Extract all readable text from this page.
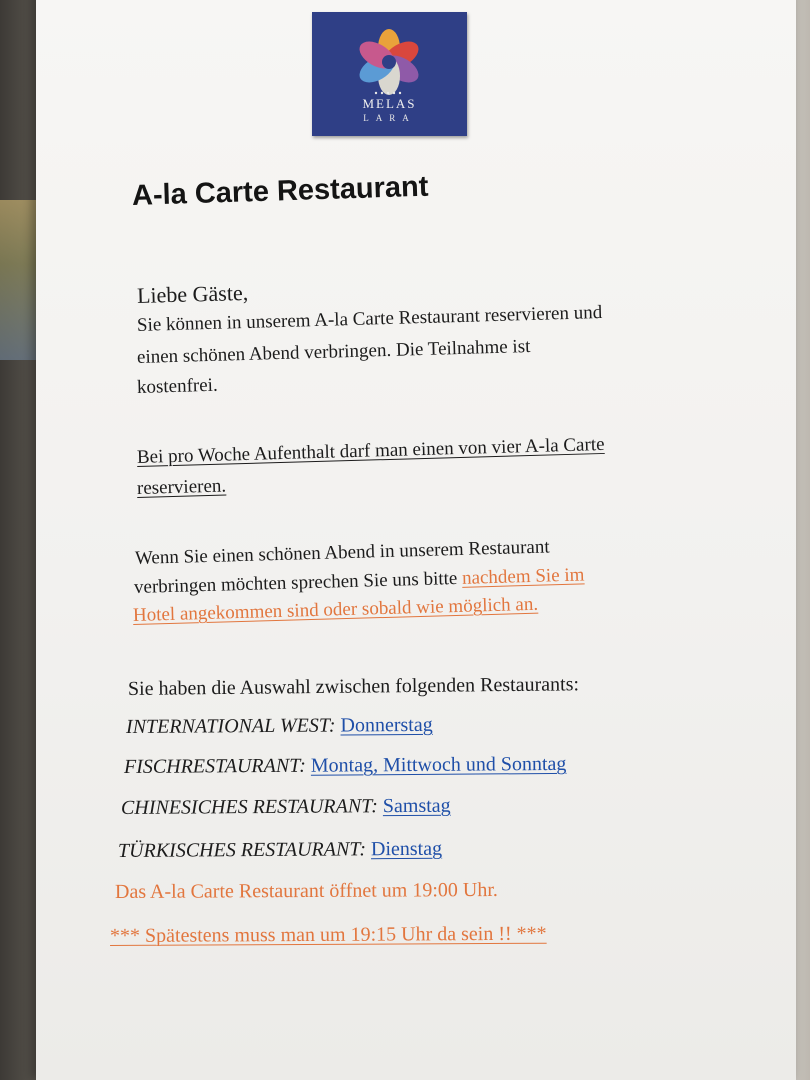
MELAS
LARA
A-la Carte Restaurant
Liebe Gäste,
Sie können in unserem A-la Carte Restaurant reservieren und
einen schönen Abend verbringen. Die Teilnahme ist
kostenfrei.
Bei pro Woche Aufenthalt darf man einen von vier A-la Carte
reservieren.
Wenn Sie einen schönen Abend in unserem Restaurant
verbringen möchten sprechen Sie uns bitte nachdem Sie im
Hotel angekommen sind oder sobald wie möglich an.
Sie haben die Auswahl zwischen folgenden Restaurants:
INTERNATIONAL WEST: Donnerstag
FISCHRESTAURANT: Montag, Mittwoch und Sonntag
CHINESICHES RESTAURANT: Samstag
TÜRKISCHES RESTAURANT: Dienstag
Das A-la Carte Restaurant öffnet um 19:00 Uhr.
*** Spätestens muss man um 19:15 Uhr da sein !! ***
